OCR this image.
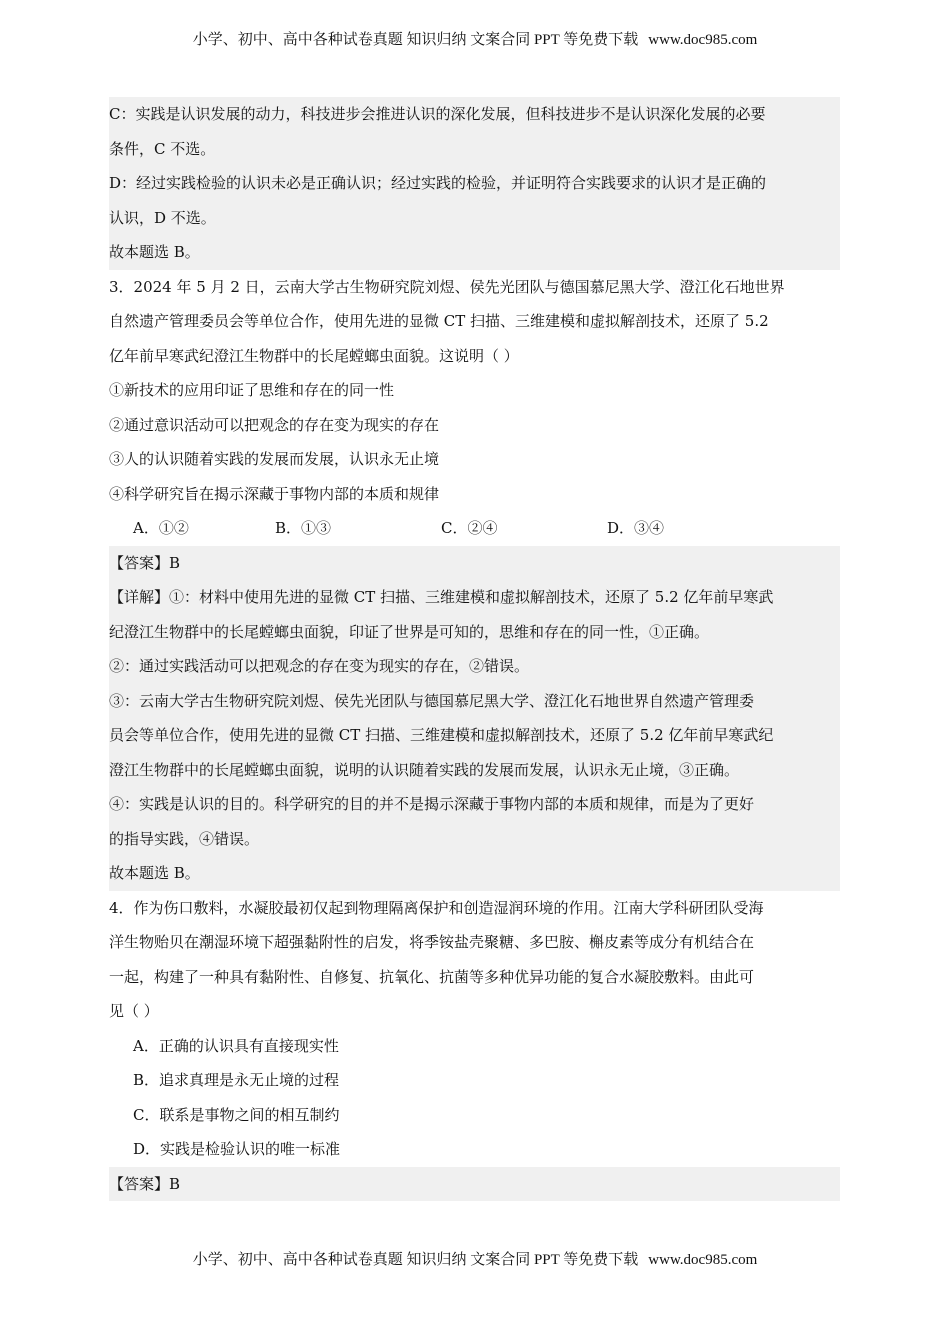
小学、初中、高中各种试卷真题 知识归纳 文案合同 PPT 等免费下载 www.doc985.com
C：实践是认识发展的动力，科技进步会推进认识的深化发展，但科技进步不是认识深化发展的必要
条件，C 不选。
D：经过实践检验的认识未必是正确认识；经过实践的检验，并证明符合实践要求的认识才是正确的
认识，D 不选。
故本题选 B。
3．2024 年 5 月 2 日，云南大学古生物研究院刘煜、侯先光团队与德国慕尼黑大学、澄江化石地世界
自然遗产管理委员会等单位合作，使用先进的显微 CT 扫描、三维建模和虚拟解剖技术，还原了 5.2
亿年前早寒武纪澄江生物群中的长尾螳螂虫面貌。这说明（ ）
①新技术的应用印证了思维和存在的同一性
②通过意识活动可以把观念的存在变为现实的存在
③人的认识随着实践的发展而发展，认识永无止境
④科学研究旨在揭示深藏于事物内部的本质和规律
A．①②	B．①③	C．②④	D．③④
【答案】B
【详解】①：材料中使用先进的显微 CT 扫描、三维建模和虚拟解剖技术，还原了 5.2 亿年前早寒武
纪澄江生物群中的长尾螳螂虫面貌，印证了世界是可知的，思维和存在的同一性，①正确。
②：通过实践活动可以把观念的存在变为现实的存在，②错误。
③：云南大学古生物研究院刘煜、侯先光团队与德国慕尼黑大学、澄江化石地世界自然遗产管理委
员会等单位合作，使用先进的显微 CT 扫描、三维建模和虚拟解剖技术，还原了 5.2 亿年前早寒武纪
澄江生物群中的长尾螳螂虫面貌，说明的认识随着实践的发展而发展，认识永无止境，③正确。
④：实践是认识的目的。科学研究的目的并不是揭示深藏于事物内部的本质和规律，而是为了更好
的指导实践，④错误。
故本题选 B。
4．作为伤口敷料，水凝胶最初仅起到物理隔离保护和创造湿润环境的作用。江南大学科研团队受海
洋生物贻贝在潮湿环境下超强黏附性的启发，将季铵盐壳聚糖、多巴胺、槲皮素等成分有机结合在
一起，构建了一种具有黏附性、自修复、抗氧化、抗菌等多种优异功能的复合水凝胶敷料。由此可
见（ ）
A．正确的认识具有直接现实性
B．追求真理是永无止境的过程
C．联系是事物之间的相互制约
D．实践是检验认识的唯一标准
【答案】B
小学、初中、高中各种试卷真题 知识归纳 文案合同 PPT 等免费下载 www.doc985.com
